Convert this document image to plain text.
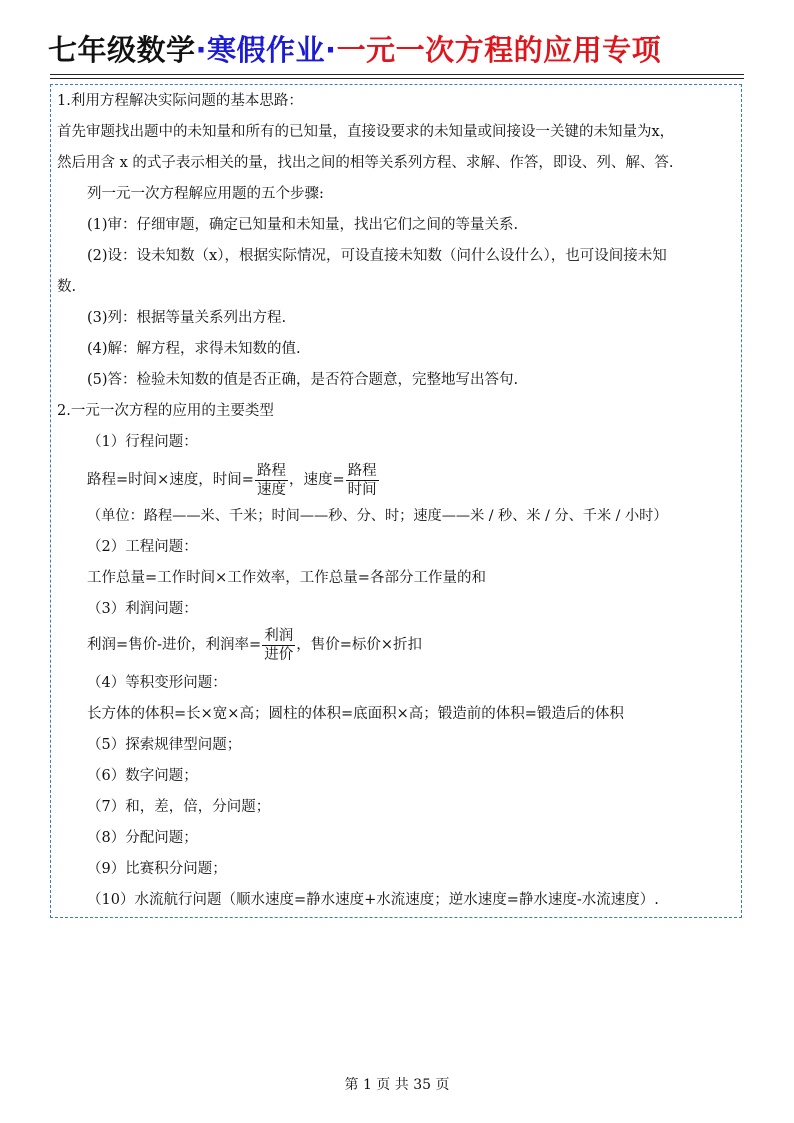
七年级数学·寒假作业·一元一次方程的应用专项
1.利用方程解决实际问题的基本思路：
首先审题找出题中的未知量和所有的已知量，直接设要求的未知量或间接设一关键的未知量为x，
然后用含 x 的式子表示相关的量，找出之间的相等关系列方程、求解、作答，即设、列、解、答.
列一元一次方程解应用题的五个步骤:
(1)审：仔细审题，确定已知量和未知量，找出它们之间的等量关系.
(2)设：设未知数（x），根据实际情况，可设直接未知数（问什么设什么），也可设间接未知
数.
(3)列：根据等量关系列出方程.
(4)解：解方程，求得未知数的值.
(5)答：检验未知数的值是否正确，是否符合题意，完整地写出答句.
2.一元一次方程的应用的主要类型
（1）行程问题：
路程=时间×速度，时间= $\frac{\text{路程}}{\text{速度}}$ ，速度= $\frac{\text{路程}}{\text{时间}}$
（单位：路程——米、千米；时间——秒、分、时；速度——米 / 秒、米 / 分、千米 / 小时）
（2）工程问题：
工作总量=工作时间×工作效率，工作总量=各部分工作量的和
（3）利润问题：
利润=售价-进价，利润率= $\frac{\text{利润}}{\text{进价}}$ ，售价=标价×折扣
（4）等积变形问题：
长方体的体积=长×宽×高；圆柱的体积=底面积×高；锻造前的体积=锻造后的体积
（5）探索规律型问题；
（6）数字问题；
（7）和，差，倍，分问题；
（8）分配问题；
（9）比赛积分问题；
（10）水流航行问题（顺水速度=静水速度+水流速度；逆水速度=静水速度-水流速度）.
第 1 页 共 35 页
